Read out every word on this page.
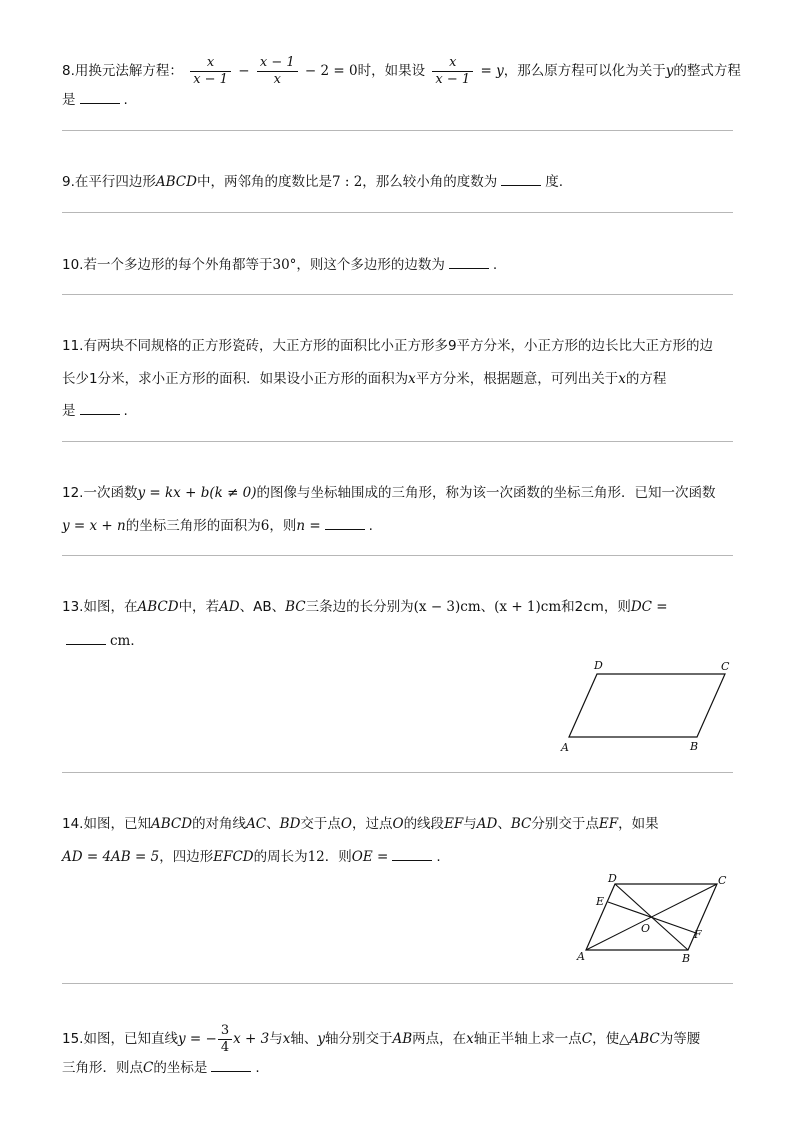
8.用换元法解方程： $\frac{x}{x - 1} - \frac{x - 1}{x} - 2 = 0$时，如果设 $\frac{x}{x - 1} = y$，那么原方程可以化为关于y的整式方程
是	.
9.在平行四边形ABCD中，两邻角的度数比是7 : 2，那么较小角的度数为	度.
10.若一个多边形的每个外角都等于30°，则这个多边形的边数为	.
11.有两块不同规格的正方形瓷砖，大正方形的面积比小正方形多9平方分米，小正方形的边长比大正方形的边
长少1分米，求小正方形的面积．如果设小正方形的面积为x平方分米，根据题意，可列出关于x的方程
是	.
12.一次函数y = kx + b(k ≠ 0)的图像与坐标轴围成的三角形，称为该一次函数的坐标三角形．已知一次函数
y = x + n的坐标三角形的面积为6，则n =	.
13.如图，在ABCD中，若AD、AB、BC三条边的长分别为(x − 3)cm、(x + 1)cm和2cm，则DC =
cm．
A	B
C
D
14.如图，已知ABCD的对角线AC、BD交于点O，过点O的线段EF与AD、BC分别交于点EF，如果
AD = 4AB = 5，四边形EFCD的周长为12．则OE =	.
A	B
C
D
E
F
O
15.如图，已知直线y = − $\frac{3}{4}$ x + 3与x轴、y轴分别交于AB两点，在x轴正半轴上求一点C，使△ABC为等腰
三角形．则点C的坐标是	.
